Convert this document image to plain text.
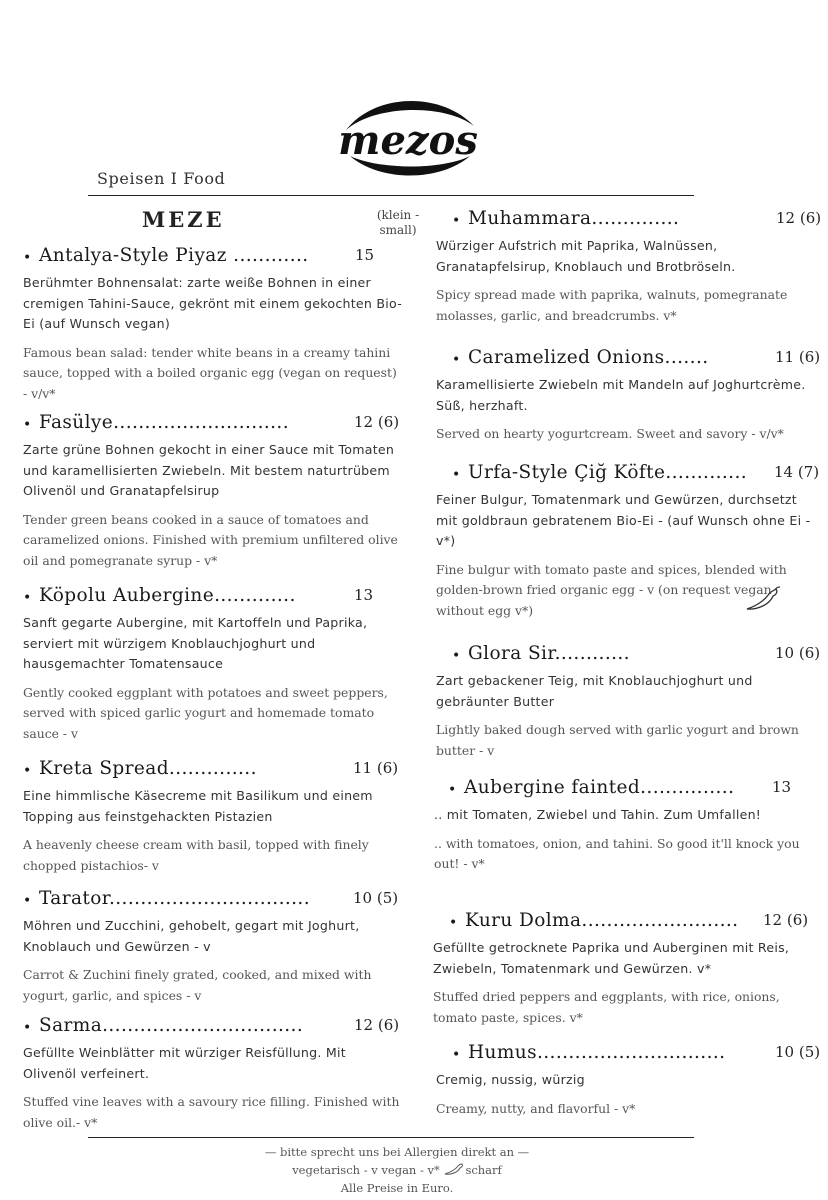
mezos
Speisen I Food
MEZE	(klein - small)
• Antalya-Style Piyaz ............	15
Berühmter Bohnensalat: zarte weiße Bohnen in einer cremigen Tahini-Sauce, gekrönt mit einem gekochten Bio-Ei (auf Wunsch vegan)
Famous bean salad: tender white beans in a creamy tahini sauce, topped with a boiled organic egg (vegan on request) - v/v*
• Fasülye............................	12 (6)
Zarte grüne Bohnen gekocht in einer Sauce mit Tomaten und karamellisierten Zwiebeln. Mit bestem naturtrübem Olivenöl und Granatapfelsirup
Tender green beans cooked in a sauce of tomatoes and caramelized onions. Finished with premium unfiltered olive oil and pomegranate syrup - v*
• Köpolu Aubergine.............	13
Sanft gegarte Aubergine, mit Kartoffeln und Paprika, serviert mit würzigem Knoblauchjoghurt und hausgemachter Tomatensauce
Gently cooked eggplant with potatoes and sweet peppers, served with spiced garlic yogurt and homemade tomato sauce - v
• Kreta Spread..............	11 (6)
Eine himmlische Käsecreme mit Basilikum und einem Topping aus feinstgehackten Pistazien
A heavenly cheese cream with basil, topped with finely chopped pistachios- v
• Tarator................................	10 (5)
Möhren und Zucchini, gehobelt, gegart mit Joghurt, Knoblauch und Gewürzen - v
Carrot & Zuchini finely grated, cooked, and mixed with yogurt, garlic, and spices - v
• Sarma................................	12 (6)
Gefüllte Weinblätter mit würziger Reisfüllung. Mit Olivenöl verfeinert.
Stuffed vine leaves with a savoury rice filling. Finished with olive oil.- v*
• Muhammara..............	12 (6)
Würziger Aufstrich mit Paprika, Walnüssen, Granatapfelsirup, Knoblauch und Brotbröseln.
Spicy spread made with paprika, walnuts, pomegranate molasses, garlic, and breadcrumbs. v*
• Caramelized Onions.......	11 (6)
Karamellisierte Zwiebeln mit Mandeln auf Joghurtcrème. Süß, herzhaft.
Served on hearty yogurtcream. Sweet and savory - v/v*
• Urfa-Style Çiğ Köfte............. 14 (7)
Feiner Bulgur, Tomatenmark und Gewürzen, durchsetzt mit goldbraun gebratenem Bio-Ei - (auf Wunsch ohne Ei - v*)
Fine bulgur with tomato paste and spices, blended with golden-brown fried organic egg - v (on request vegan without egg v*)
• Glora Sir............	10 (6)
Zart gebackener Teig, mit Knoblauchjoghurt und gebräunter Butter
Lightly baked dough served with garlic yogurt and brown butter - v
• Aubergine fainted...............	13
.. mit Tomaten, Zwiebel und Tahin. Zum Umfallen!
.. with tomatoes, onion, and tahini. So good it'll knock you out! - v*
• Kuru Dolma......................... 12 (6)
Gefüllte getrocknete Paprika und Auberginen mit Reis, Zwiebeln, Tomatenmark und Gewürzen. v*
Stuffed dried peppers and eggplants, with rice, onions, tomato paste, spices. v*
• Humus..............................	10 (5)
Cremig, nussig, würzig
Creamy, nutty, and flavorful - v*
— bitte sprecht uns bei Allergien direkt an —
vegetarisch - v vegan - v* scharf
Alle Preise in Euro.
